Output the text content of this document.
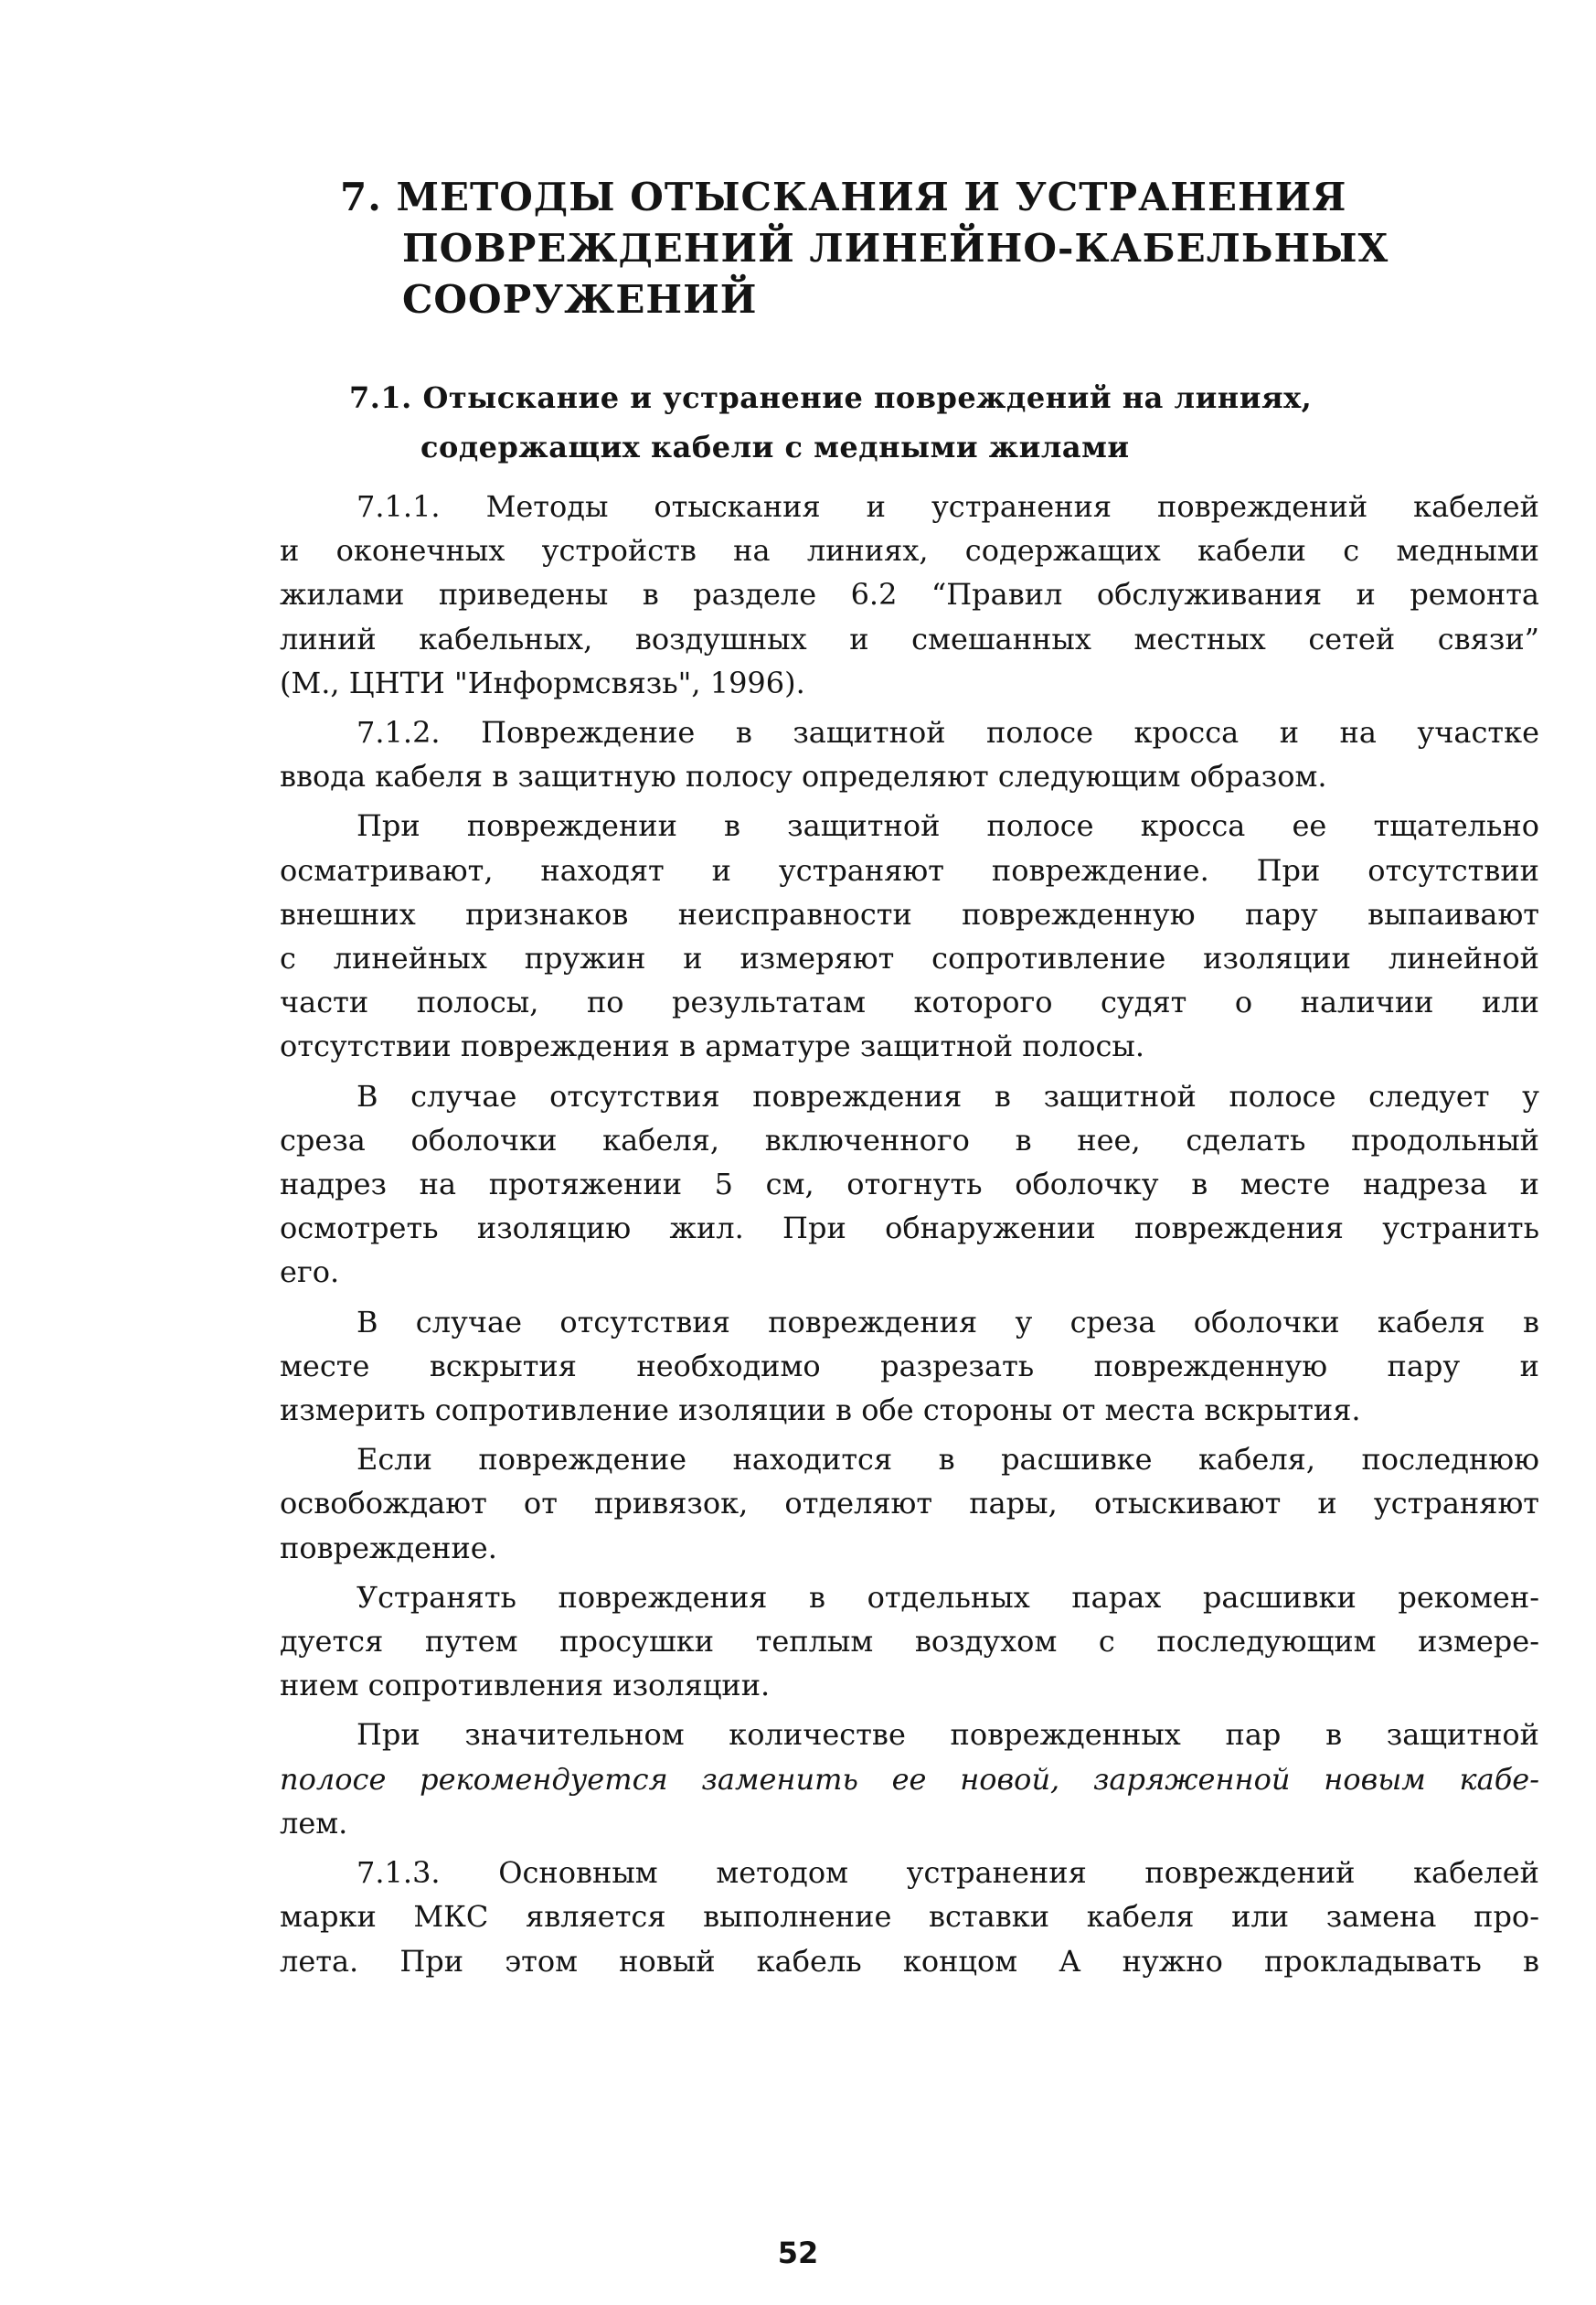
7. МЕТОДЫ ОТЫСКАНИЯ И УСТРАНЕНИЯ
ПОВРЕЖДЕНИЙ ЛИНЕЙНО-КАБЕЛЬНЫХ
СООРУЖЕНИЙ
7.1. Отыскание и устранение повреждений на линиях,
содержащих кабели с медными жилами

7.1.1. Методы отыскания и устранения повреждений кабелей
и оконечных устройств на линиях, содержащих кабели с медными
жилами приведены в разделе 6.2 “Правил обслуживания и ремонта
линий кабельных, воздушных и смешанных местных сетей связи”
(М., ЦНТИ "Информсвязь", 1996).

7.1.2. Повреждение в защитной полосе кросса и на участке
ввода кабеля в защитную полосу определяют следующим образом.

При повреждении в защитной полосе кросса ее тщательно
осматривают, находят и устраняют повреждение. При отсутствии
внешних признаков неисправности поврежденную пару выпаивают
с линейных пружин и измеряют сопротивление изоляции линейной
части полосы, по результатам которого судят о наличии или
отсутствии повреждения в арматуре защитной полосы.

В случае отсутствия повреждения в защитной полосе следует у
среза оболочки кабеля, включенного в нее, сделать продольный
надрез на протяжении 5 см, отогнуть оболочку в месте надреза и
осмотреть изоляцию жил. При обнаружении повреждения устранить
его.

В случае отсутствия повреждения у среза оболочки кабеля в
месте вскрытия необходимо разрезать поврежденную пару и
измерить сопротивление изоляции в обе стороны от места вскрытия.

Если повреждение находится в расшивке кабеля, последнюю
освобождают от привязок, отделяют пары, отыскивают и устраняют
повреждение.

Устранять повреждения в отдельных парах расшивки рекомен-
дуется путем просушки теплым воздухом с последующим измере-
нием сопротивления изоляции.

При значительном количестве поврежденных пар в защитной
полосе рекомендуется заменить ее новой, заряженной новым кабе-
лем.

7.1.3. Основным методом устранения повреждений кабелей
марки МКС является выполнение вставки кабеля или замена про-
лета. При этом новый кабель концом А нужно прокладывать в

52
